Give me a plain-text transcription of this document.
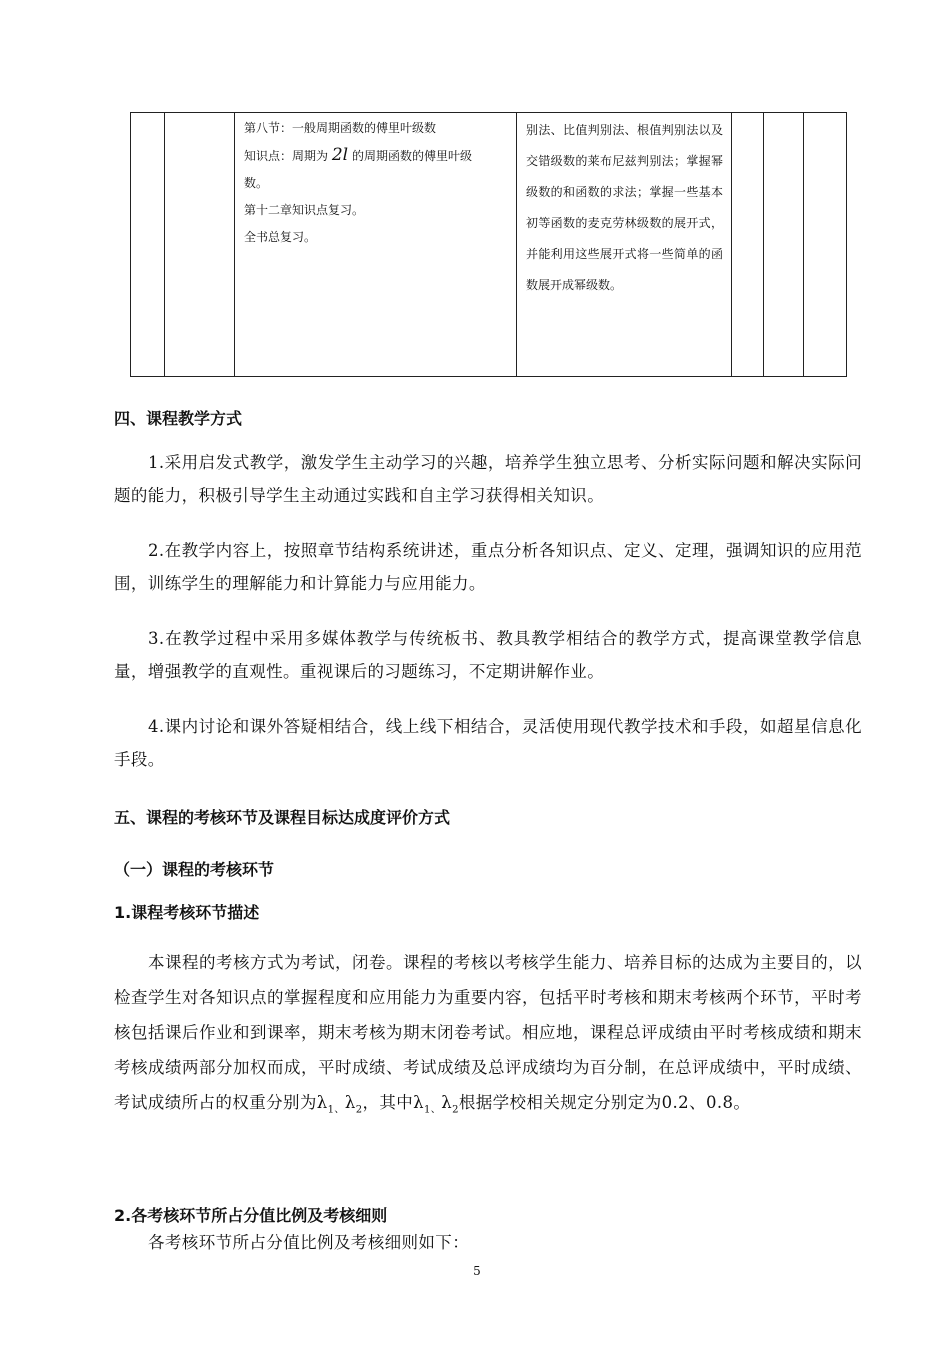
第八节：一般周期函数的傅里叶级数
知识点：周期为 2l 的周期函数的傅里叶级
数。
第十二章知识点复习。
全书总复习。
	别法、比值判别法、根值判别法以及交错级数的莱布尼兹判别法；掌握幂级数的和函数的求法；掌握一些基本初等函数的麦克劳林级数的展开式，并能利用这些展开式将一些简单的函数展开成幂级数。			
四、课程教学方式
1.采用启发式教学，激发学生主动学习的兴趣，培养学生独立思考、分析实际问题和解决实际问题的能力，积极引导学生主动通过实践和自主学习获得相关知识。
2.在教学内容上，按照章节结构系统讲述，重点分析各知识点、定义、定理，强调知识的应用范围，训练学生的理解能力和计算能力与应用能力。
3.在教学过程中采用多媒体教学与传统板书、教具教学相结合的教学方式，提高课堂教学信息量，增强教学的直观性。重视课后的习题练习，不定期讲解作业。
4.课内讨论和课外答疑相结合，线上线下相结合，灵活使用现代教学技术和手段，如超星信息化手段。
五、课程的考核环节及课程目标达成度评价方式
（一）课程的考核环节
1.课程考核环节描述
本课程的考核方式为考试，闭卷。课程的考核以考核学生能力、培养目标的达成为主要目的，以检查学生对各知识点的掌握程度和应用能力为重要内容，包括平时考核和期末考核两个环节，平时考核包括课后作业和到课率，期末考核为期末闭卷考试。相应地，课程总评成绩由平时考核成绩和期末考核成绩两部分加权而成，平时成绩、考试成绩及总评成绩均为百分制，在总评成绩中，平时成绩、考试成绩所占的权重分别为$\lambda_{1、}\lambda_2$，其中$\lambda_{1、}\lambda_2$根据学校相关规定分别定为0.2、0.8。
2.各考核环节所占分值比例及考核细则
各考核环节所占分值比例及考核细则如下：
5
